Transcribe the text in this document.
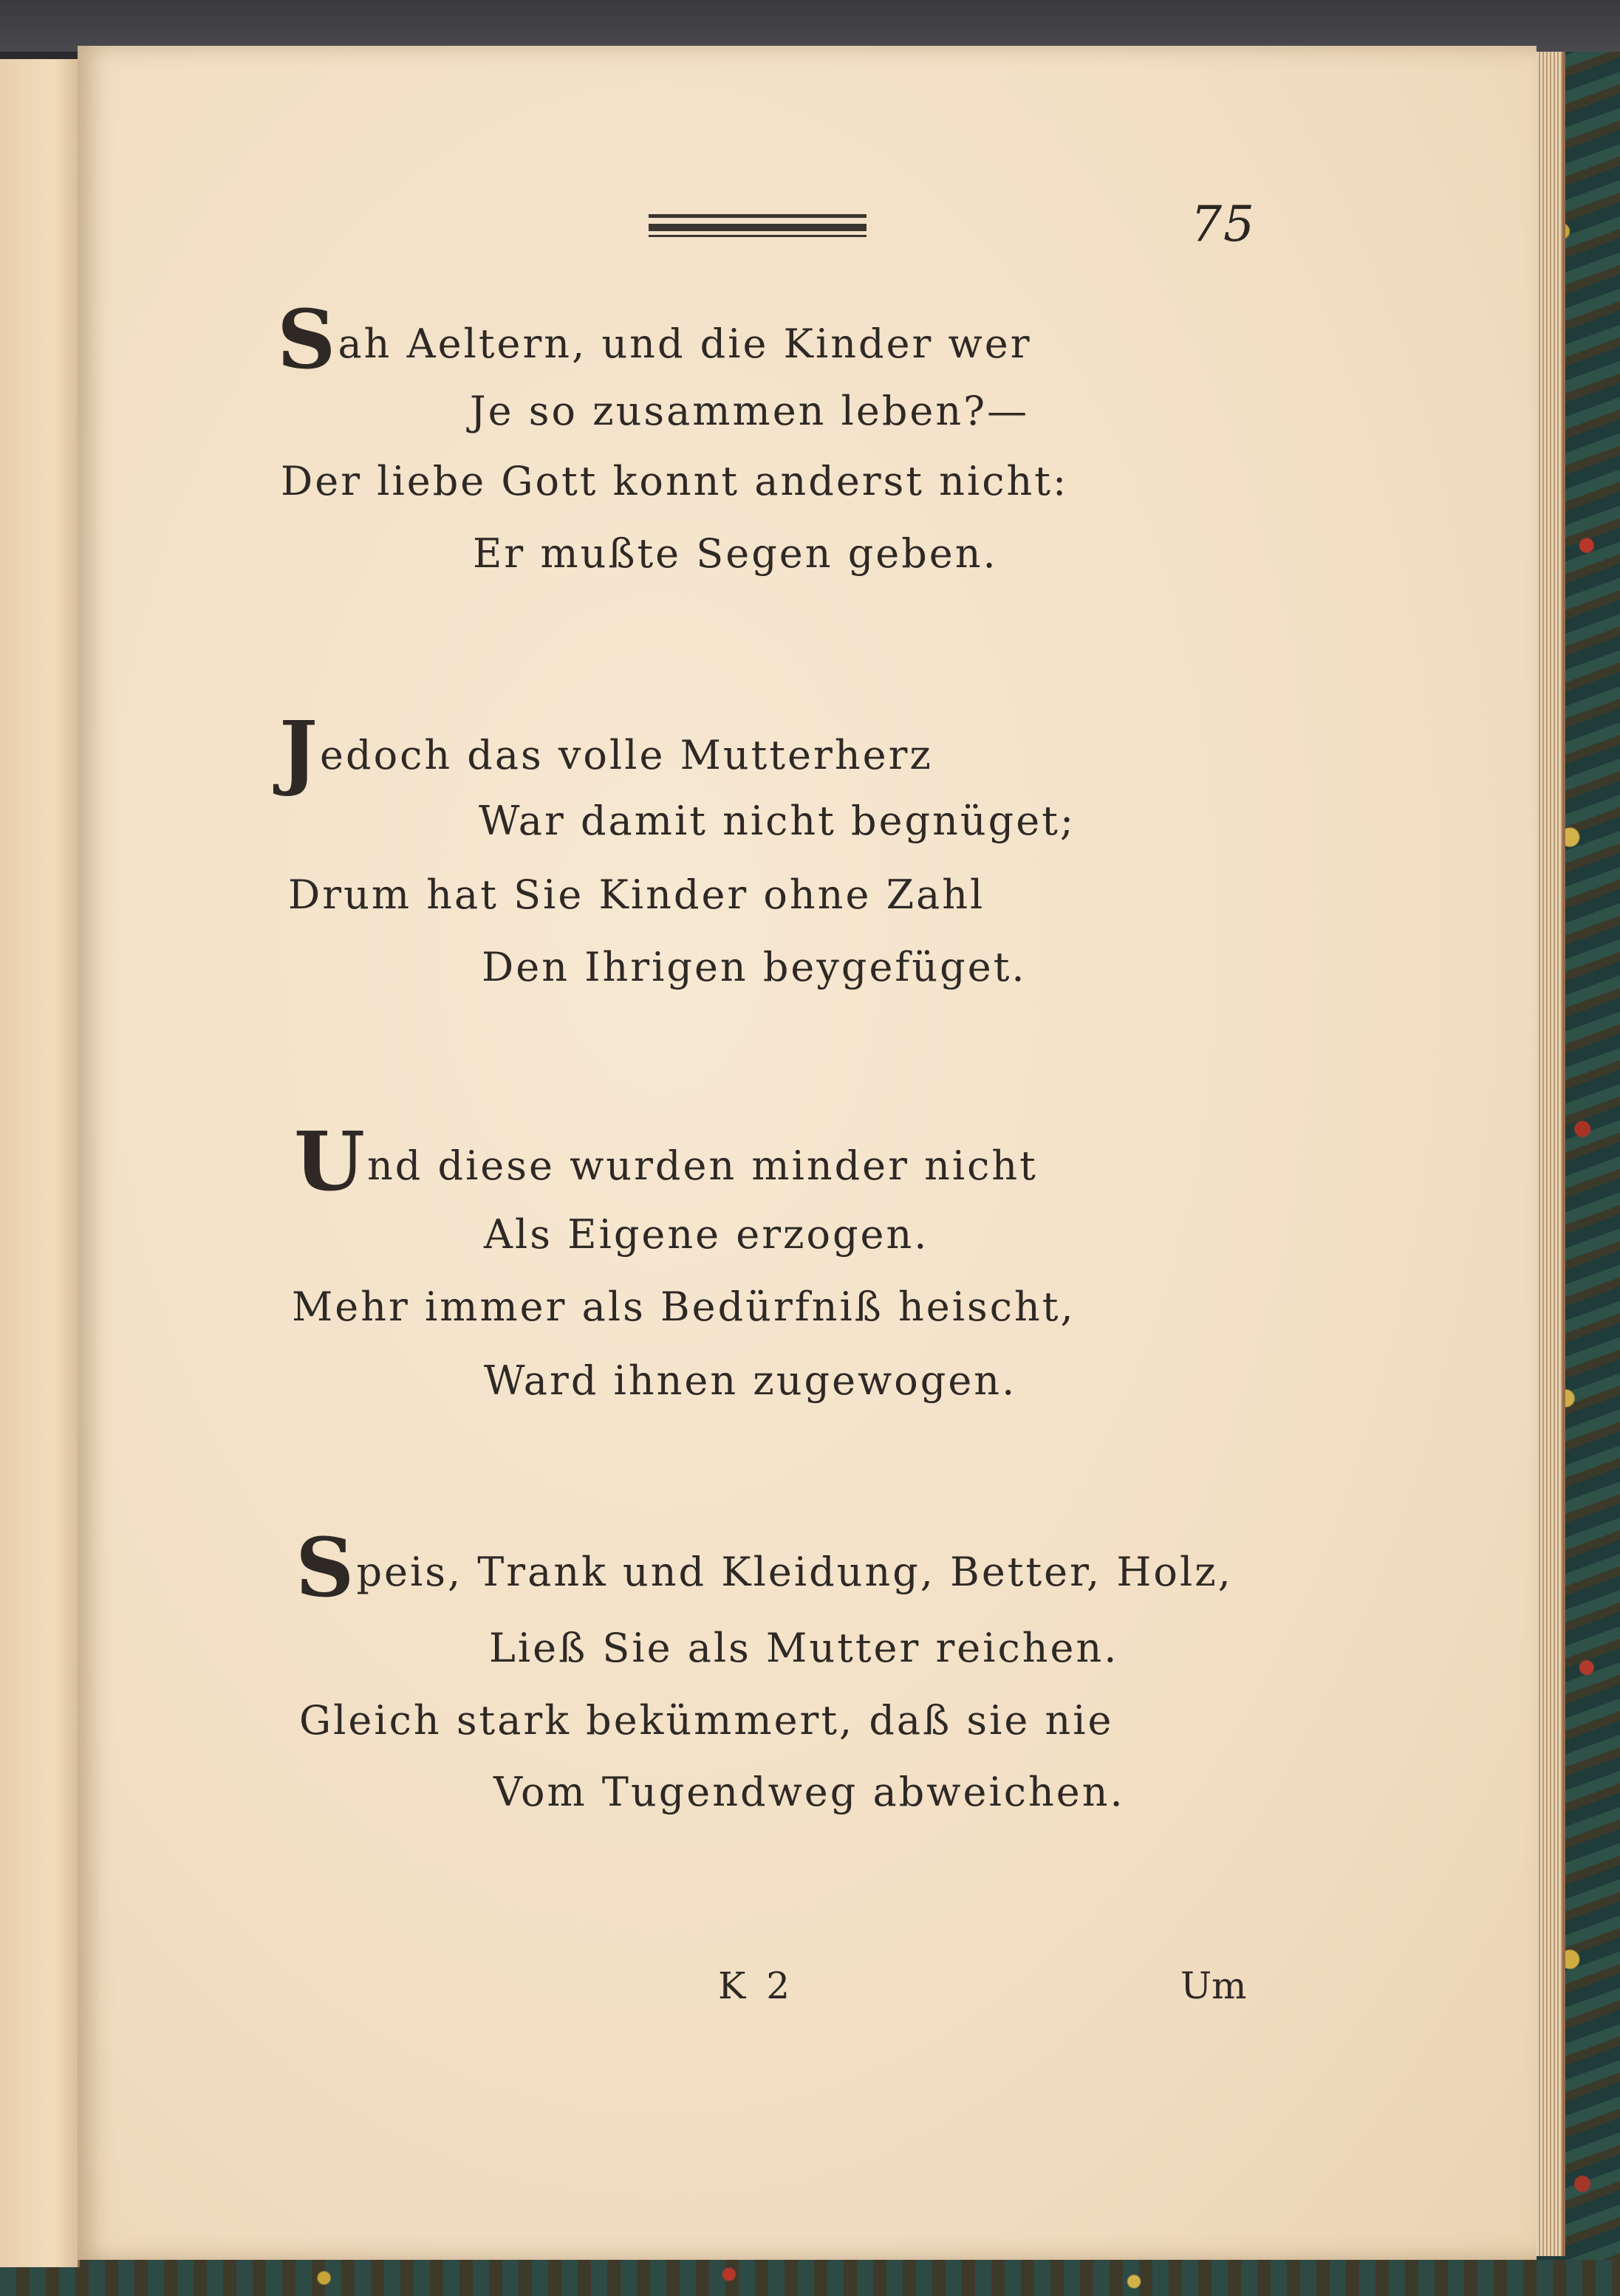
75
Sah Aeltern, und die Kinder wer
Je so zusammen leben?—
Der liebe Gott konnt anderst nicht:
Er mußte Segen geben.
Jedoch das volle Mutterherz
War damit nicht begnüget;
Drum hat Sie Kinder ohne Zahl
Den Ihrigen beygefüget.
Und diese wurden minder nicht
Als Eigene erzogen.
Mehr immer als Bedürfniß heischt,
Ward ihnen zugewogen.
Speis, Trank und Kleidung, Better, Holz,
Ließ Sie als Mutter reichen.
Gleich stark bekümmert, daß sie nie
Vom Tugendweg abweichen.
K 2	Um
